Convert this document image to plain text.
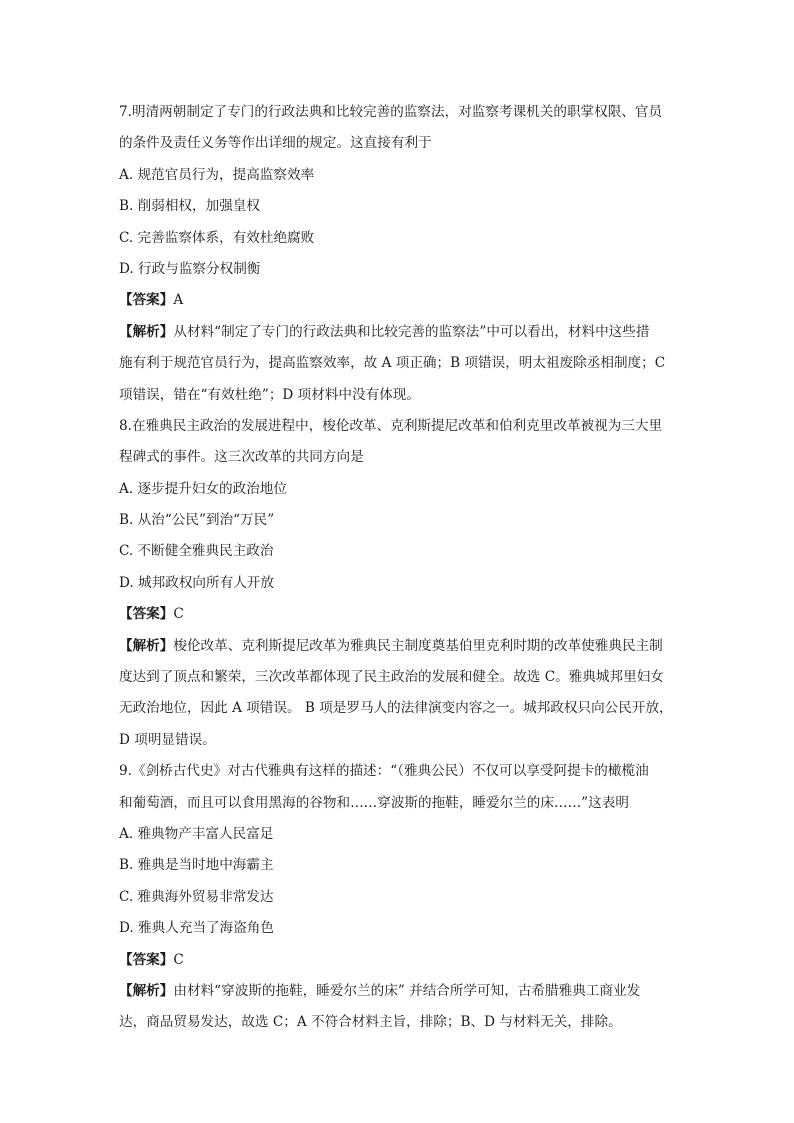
7.明清两朝制定了专门的行政法典和比较完善的监察法，对监察考课机关的职掌权限、官员
的条件及责任义务等作出详细的规定。这直接有利于
A. 规范官员行为，提高监察效率
B. 削弱相权，加强皇权
C. 完善监察体系，有效杜绝腐败
D. 行政与监察分权制衡
【答案】A
【解析】从材料“制定了专门的行政法典和比较完善的监察法”中可以看出，材料中这些措
施有利于规范官员行为，提高监察效率，故 A 项正确；B 项错误，明太祖废除丞相制度；C
项错误，错在“有效杜绝”；D 项材料中没有体现。
8.在雅典民主政治的发展进程中，梭伦改革、克利斯提尼改革和伯利克里改革被视为三大里
程碑式的事件。这三次改革的共同方向是
A. 逐步提升妇女的政治地位
B. 从治“公民”到治“万民”
C. 不断健全雅典民主政治
D. 城邦政权向所有人开放
【答案】C
【解析】梭伦改革、克利斯提尼改革为雅典民主制度奠基伯里克利时期的改革使雅典民主制
度达到了顶点和繁荣，三次改革都体现了民主政治的发展和健全。故选 C。雅典城邦里妇女
无政治地位，因此 A 项错误。 B 项是罗马人的法律演变内容之一。城邦政权只向公民开放，
D 项明显错误。
9.《剑桥古代史》对古代雅典有这样的描述：“（雅典公民）不仅可以享受阿提卡的橄榄油
和葡萄酒，而且可以食用黑海的谷物和……穿波斯的拖鞋，睡爱尔兰的床……”这表明
A. 雅典物产丰富人民富足
B. 雅典是当时地中海霸主
C. 雅典海外贸易非常发达
D. 雅典人充当了海盗角色
【答案】C
【解析】由材料“穿波斯的拖鞋，睡爱尔兰的床” 并结合所学可知，古希腊雅典工商业发
达，商品贸易发达，故选 C；A 不符合材料主旨，排除；B、D 与材料无关，排除。
